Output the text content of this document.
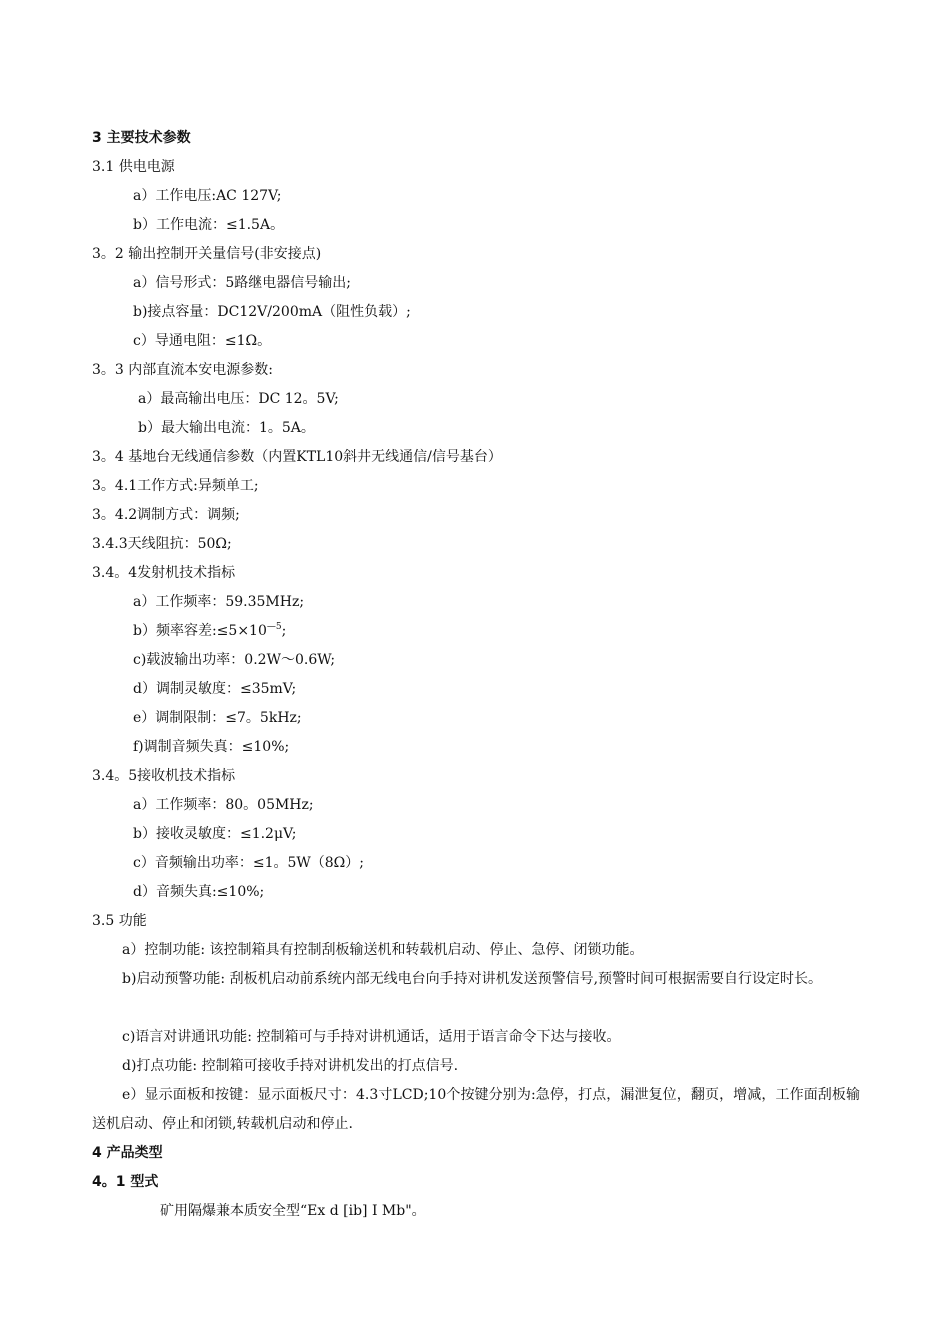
3 主要技术参数
3.1 供电电源
a）工作电压:AC 127V;
b）工作电流：≤1.5A。
3。2 输出控制开关量信号(非安接点)
a）信号形式：5路继电器信号输出;
b)接点容量：DC12V/200mA（阻性负载）;
c）导通电阻：≤1Ω。
3。3 内部直流本安电源参数:
a）最高输出电压：DC 12。5V;
b）最大输出电流：1。5A。
3。4 基地台无线通信参数（内置KTL10斜井无线通信/信号基台）
3。4.1工作方式:异频单工;
3。4.2调制方式：调频;
3.4.3天线阻抗：50Ω;
3.4。4发射机技术指标
a）工作频率：59.35MHz;
b）频率容差$:\le 5\times 10^{—5}$;
c)载波输出功率：0.2W～0.6W;
d）调制灵敏度：≤35mV;
e）调制限制：≤7。5kHz;
f)调制音频失真：≤10%;
3.4。5接收机技术指标
a）工作频率：80。05MHz;
b）接收灵敏度：≤1.2μV;
c）音频输出功率：≤1。5W（8Ω）;
d）音频失真:≤10%;
3.5 功能
a）控制功能: 该控制箱具有控制刮板输送机和转载机启动、停止、急停、闭锁功能。
b)启动预警功能: 刮板机启动前系统内部无线电台向手持对讲机发送预警信号,预警时间可根据需要自行设定时长。
c)语言对讲通讯功能: 控制箱可与手持对讲机通话，适用于语言命令下达与接收。
d)打点功能: 控制箱可接收手持对讲机发出的打点信号.
e）显示面板和按键：显示面板尺寸：4.3寸LCD;10个按键分别为:急停，打点，漏泄复位，翻页，增减，工作面刮板输送机启动、停止和闭锁,转载机启动和停止.
4 产品类型
4。1 型式
矿用隔爆兼本质安全型“Ex d [ib] I Mb"。
